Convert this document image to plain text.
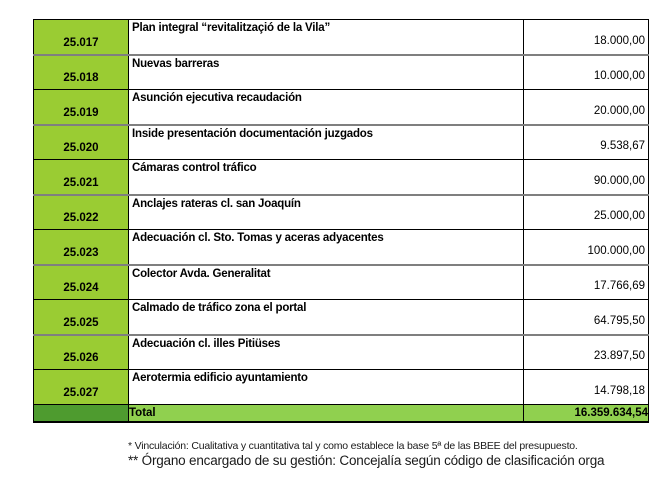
25.017	Plan integral “revitalitzaçió de la Vila”	18.000,00
25.018	Nuevas barreras	10.000,00
25.019	Asunción ejecutiva recaudación	20.000,00
25.020	Inside presentación documentación juzgados	9.538,67
25.021	Cámaras control tráfico	90.000,00
25.022	Anclajes rateras cl. san Joaquín	25.000,00
25.023	Adecuación cl. Sto. Tomas y aceras adyacentes	100.000,00
25.024	Colector Avda. Generalitat	17.766,69
25.025	Calmado de tráfico zona el portal	64.795,50
25.026	Adecuación cl. illes Pitiüses	23.897,50
25.027	Aerotermia edificio ayuntamiento	14.798,18
	Total	16.359.634,54
* Vinculación: Cualitativa y cuantitativa tal y como establece la base 5ª de las BBEE del presupuesto.
** Órgano encargado de su gestión: Concejalía según código de clasificación orga
